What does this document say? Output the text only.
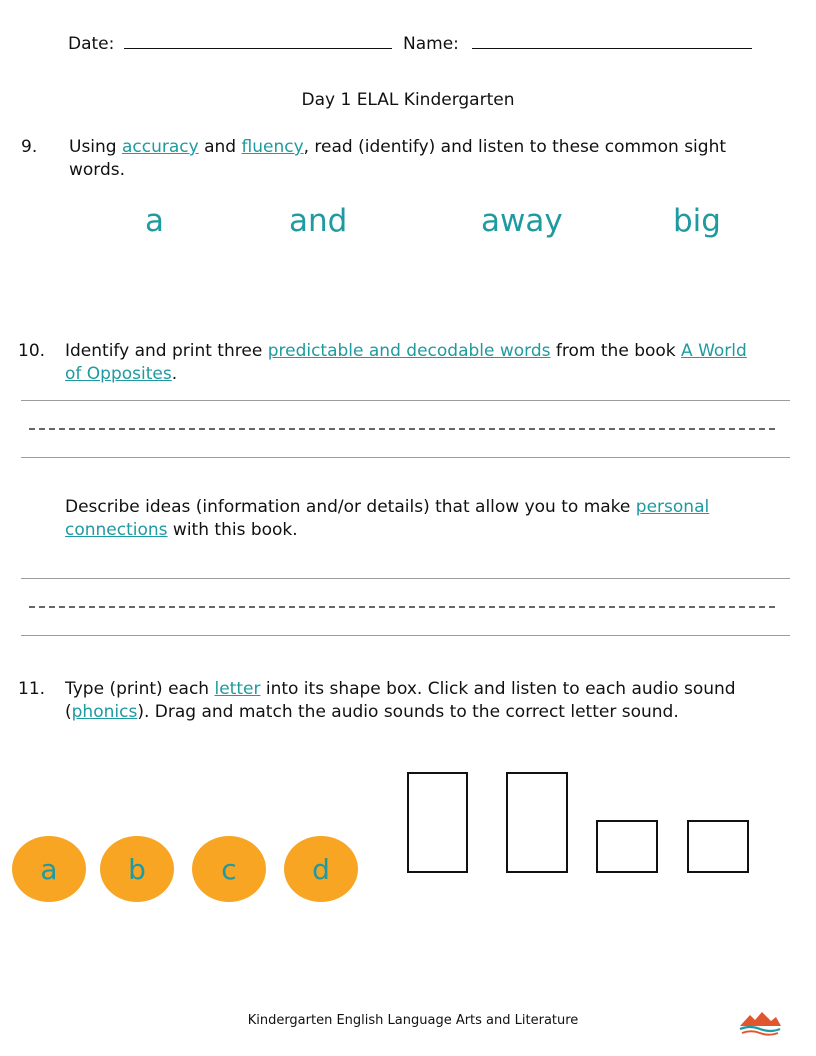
Date:	Name:
Day 1 ELAL Kindergarten
9. Using accuracy and fluency, read (identify) and listen to these common sight
words.
a	and	away	big
10. Identify and print three predictable and decodable words from the book A World
of Opposites.
Describe ideas (information and/or details) that allow you to make personal
connections with this book.
11. Type (print) each letter into its shape box. Click and listen to each audio sound
(phonics). Drag and match the audio sounds to the correct letter sound.
a	b	c	d
Kindergarten English Language Arts and Literature
